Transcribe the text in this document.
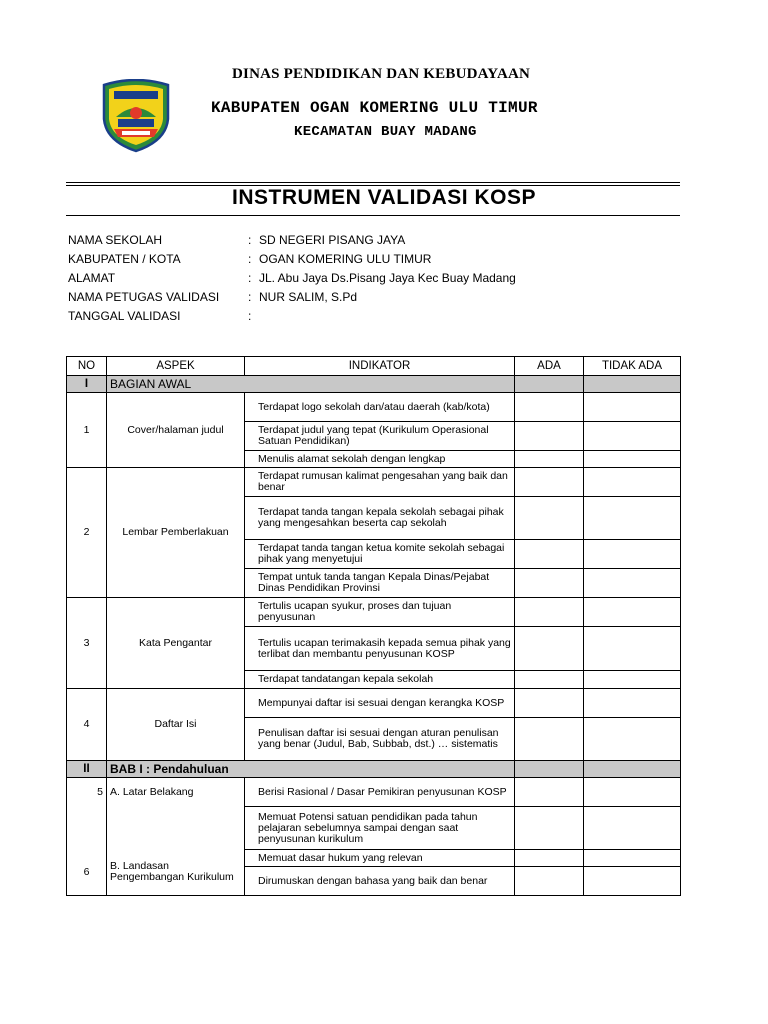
DINAS PENDIDIKAN DAN KEBUDAYAAN
KABUPATEN OGAN KOMERING ULU TIMUR
KECAMATAN BUAY MADANG
INSTRUMEN VALIDASI KOSP
NAMA SEKOLAH	: SD NEGERI PISANG JAYA
KABUPATEN / KOTA	: OGAN KOMERING ULU TIMUR
ALAMAT	: JL. Abu Jaya Ds.Pisang Jaya Kec Buay Madang
NAMA PETUGAS VALIDASI	: NUR SALIM, S.Pd
TANGGAL VALIDASI	:
NO	ASPEK	INDIKATOR	ADA	TIDAK ADA
I	BAGIAN AWAL			
1	Cover/halaman judul	Terdapat logo sekolah dan/atau daerah (kab/kota)		
		Terdapat judul yang tepat (Kurikulum Operasional Satuan Pendidikan)		
		Menulis alamat sekolah dengan lengkap		
2	Lembar Pemberlakuan	Terdapat rumusan kalimat pengesahan yang baik dan benar		
		Terdapat tanda tangan kepala sekolah sebagai pihak yang mengesahkan beserta cap sekolah		
		Terdapat tanda tangan ketua komite sekolah sebagai pihak yang menyetujui		
		Tempat untuk tanda tangan Kepala Dinas/Pejabat Dinas Pendidikan Provinsi		
3	Kata Pengantar	Tertulis ucapan syukur, proses dan tujuan penyusunan		
		Tertulis ucapan terimakasih kepada semua pihak yang terlibat dan membantu penyusunan KOSP		
		Terdapat tandatangan kepala sekolah		
4	Daftar Isi	Mempunyai daftar isi sesuai dengan kerangka KOSP		
		Penulisan daftar isi sesuai dengan aturan penulisan yang benar (Judul, Bab, Subbab, dst.) … sistematis		
II	BAB I : Pendahuluan			
5	A. Latar Belakang	Berisi Rasional / Dasar Pemikiran penyusunan KOSP		
		Memuat Potensi satuan pendidikan pada tahun pelajaran sebelumnya sampai dengan saat penyusunan kurikulum		
6	B. Landasan Pengembangan Kurikulum	Memuat dasar hukum yang relevan		
		Dirumuskan dengan bahasa yang baik dan benar		
